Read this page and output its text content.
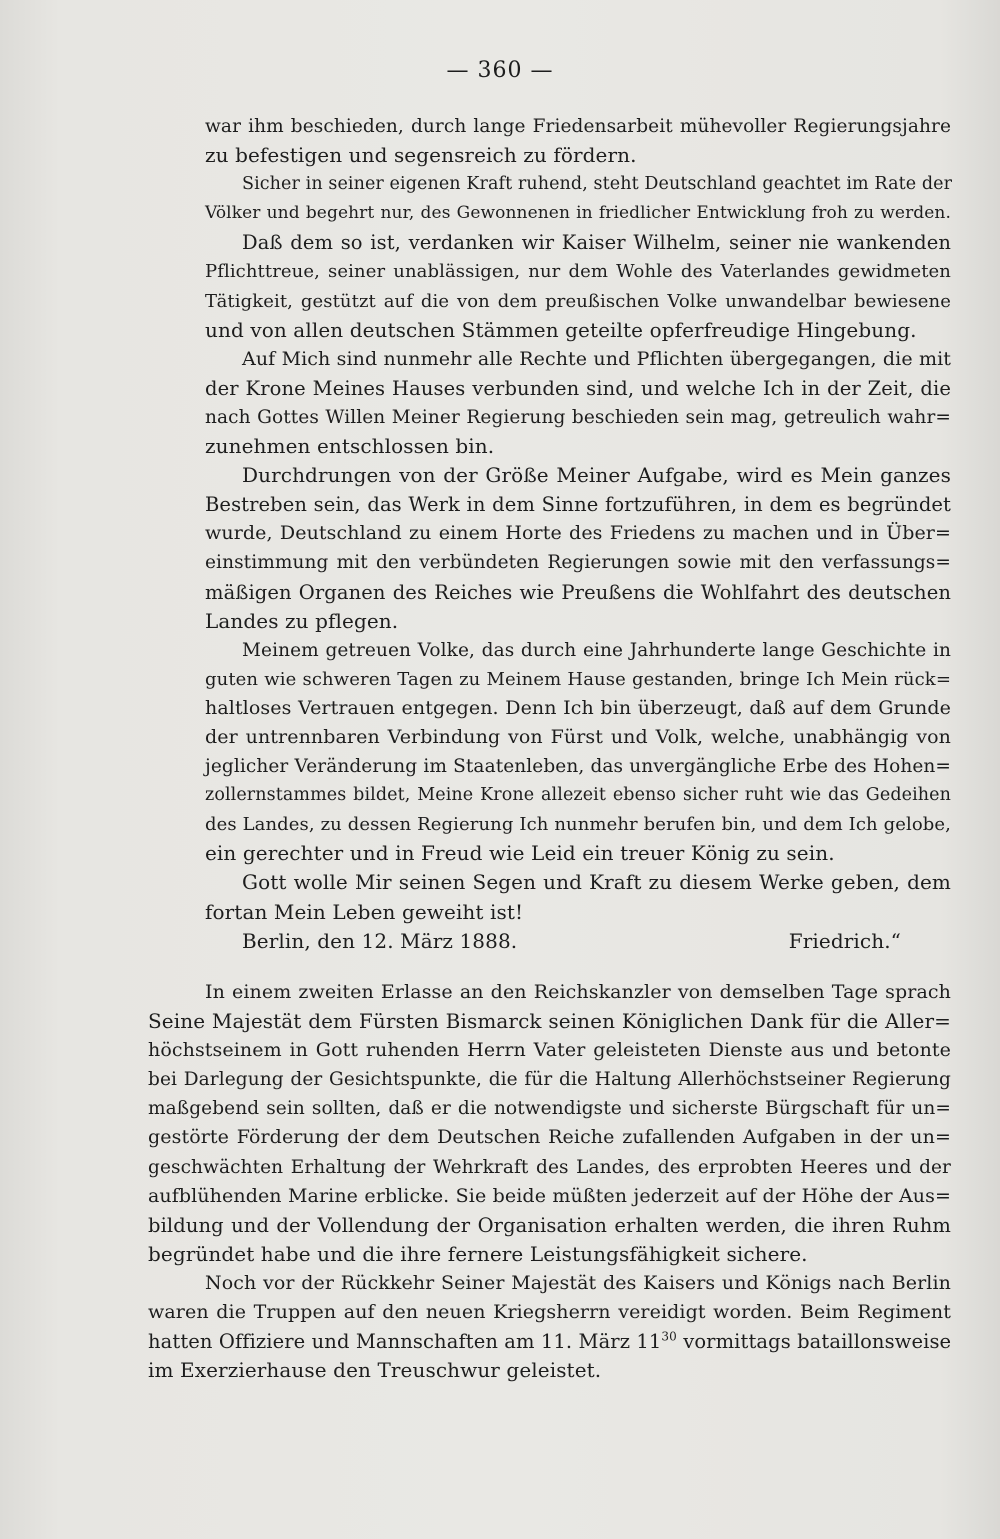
— 360 —
war ihm beschieden, durch lange Friedensarbeit mühevoller Regierungsjahre
zu befestigen und segensreich zu fördern.
Sicher in seiner eigenen Kraft ruhend, steht Deutschland geachtet im Rate der
Völker und begehrt nur, des Gewonnenen in friedlicher Entwicklung froh zu werden.
Daß dem so ist, verdanken wir Kaiser Wilhelm, seiner nie wankenden
Pflichttreue, seiner unablässigen, nur dem Wohle des Vaterlandes gewidmeten
Tätigkeit, gestützt auf die von dem preußischen Volke unwandelbar bewiesene
und von allen deutschen Stämmen geteilte opferfreudige Hingebung.
Auf Mich sind nunmehr alle Rechte und Pflichten übergegangen, die mit
der Krone Meines Hauses verbunden sind, und welche Ich in der Zeit, die
nach Gottes Willen Meiner Regierung beschieden sein mag, getreulich wahr=
zunehmen entschlossen bin.
Durchdrungen von der Größe Meiner Aufgabe, wird es Mein ganzes
Bestreben sein, das Werk in dem Sinne fortzuführen, in dem es begründet
wurde, Deutschland zu einem Horte des Friedens zu machen und in Über=
einstimmung mit den verbündeten Regierungen sowie mit den verfassungs=
mäßigen Organen des Reiches wie Preußens die Wohlfahrt des deutschen
Landes zu pflegen.
Meinem getreuen Volke, das durch eine Jahrhunderte lange Geschichte in
guten wie schweren Tagen zu Meinem Hause gestanden, bringe Ich Mein rück=
haltloses Vertrauen entgegen. Denn Ich bin überzeugt, daß auf dem Grunde
der untrennbaren Verbindung von Fürst und Volk, welche, unabhängig von
jeglicher Veränderung im Staatenleben, das unvergängliche Erbe des Hohen=
zollernstammes bildet, Meine Krone allezeit ebenso sicher ruht wie das Gedeihen
des Landes, zu dessen Regierung Ich nunmehr berufen bin, und dem Ich gelobe,
ein gerechter und in Freud wie Leid ein treuer König zu sein.
Gott wolle Mir seinen Segen und Kraft zu diesem Werke geben, dem
fortan Mein Leben geweiht ist!
Berlin, den 12. März 1888.	Friedrich.“
In einem zweiten Erlasse an den Reichskanzler von demselben Tage sprach
Seine Majestät dem Fürsten Bismarck seinen Königlichen Dank für die Aller=
höchstseinem in Gott ruhenden Herrn Vater geleisteten Dienste aus und betonte
bei Darlegung der Gesichtspunkte, die für die Haltung Allerhöchstseiner Regierung
maßgebend sein sollten, daß er die notwendigste und sicherste Bürgschaft für un=
gestörte Förderung der dem Deutschen Reiche zufallenden Aufgaben in der un=
geschwächten Erhaltung der Wehrkraft des Landes, des erprobten Heeres und der
aufblühenden Marine erblicke. Sie beide müßten jederzeit auf der Höhe der Aus=
bildung und der Vollendung der Organisation erhalten werden, die ihren Ruhm
begründet habe und die ihre fernere Leistungsfähigkeit sichere.
Noch vor der Rückkehr Seiner Majestät des Kaisers und Königs nach Berlin
waren die Truppen auf den neuen Kriegsherrn vereidigt worden. Beim Regiment
hatten Offiziere und Mannschaften am 11. März $11^{30}$ vormittags bataillonsweise
im Exerzierhause den Treuschwur geleistet.
